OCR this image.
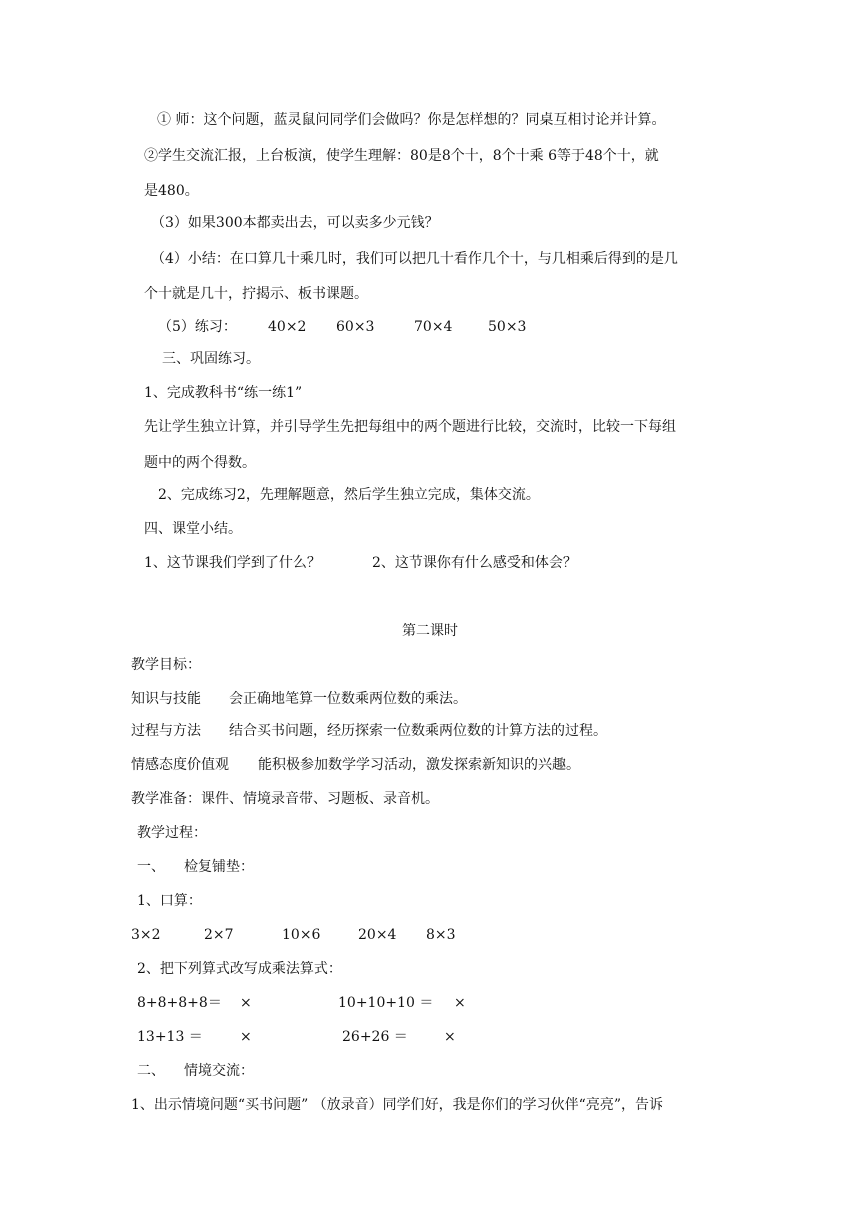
① 师：这个问题，蓝灵鼠问同学们会做吗？你是怎样想的？同桌互相讨论并计算。
②学生交流汇报，上台板演，使学生理解：80是8个十，8个十乘 6等于48个十，就
是480。
（3）如果300本都卖出去，可以卖多少元钱？
（4）小结：在口算几十乘几时，我们可以把几十看作几个十，与几相乘后得到的是几
个十就是几十，拧揭示、板书课题。
（5）练习： 40×2 60×3	70×4	50×3
三、巩固练习。
1、完成教科书“练一练1”
先让学生独立计算，并引导学生先把每组中的两个题进行比较，交流时，比较一下每组
题中的两个得数。
2、完成练习2，先理解题意，然后学生独立完成，集体交流。
四、课堂小结。
1、这节课我们学到了什么？	2、这节课你有什么感受和体会？
第二课时
教学目标：
知识与技能 会正确地笔算一位数乘两位数的乘法。
过程与方法 结合买书问题，经历探索一位数乘两位数的计算方法的过程。
情感态度价值观 能积极参加数学学习活动，激发探索新知识的兴趣。
教学准备：课件、情境录音带、习题板、录音机。
教学过程：
一、 检复铺垫：
1、口算：
3×2	2×7	10×6	20×4 8×3
2、把下列算式改写成乘法算式：
8+8+8+8＝ ×	10+10+10 ＝ ×
13+13 ＝	×	26+26 ＝	×
二、 情境交流：
1、出示情境问题“买书问题” （放录音）同学们好，我是你们的学习伙伴“亮亮”，告诉
